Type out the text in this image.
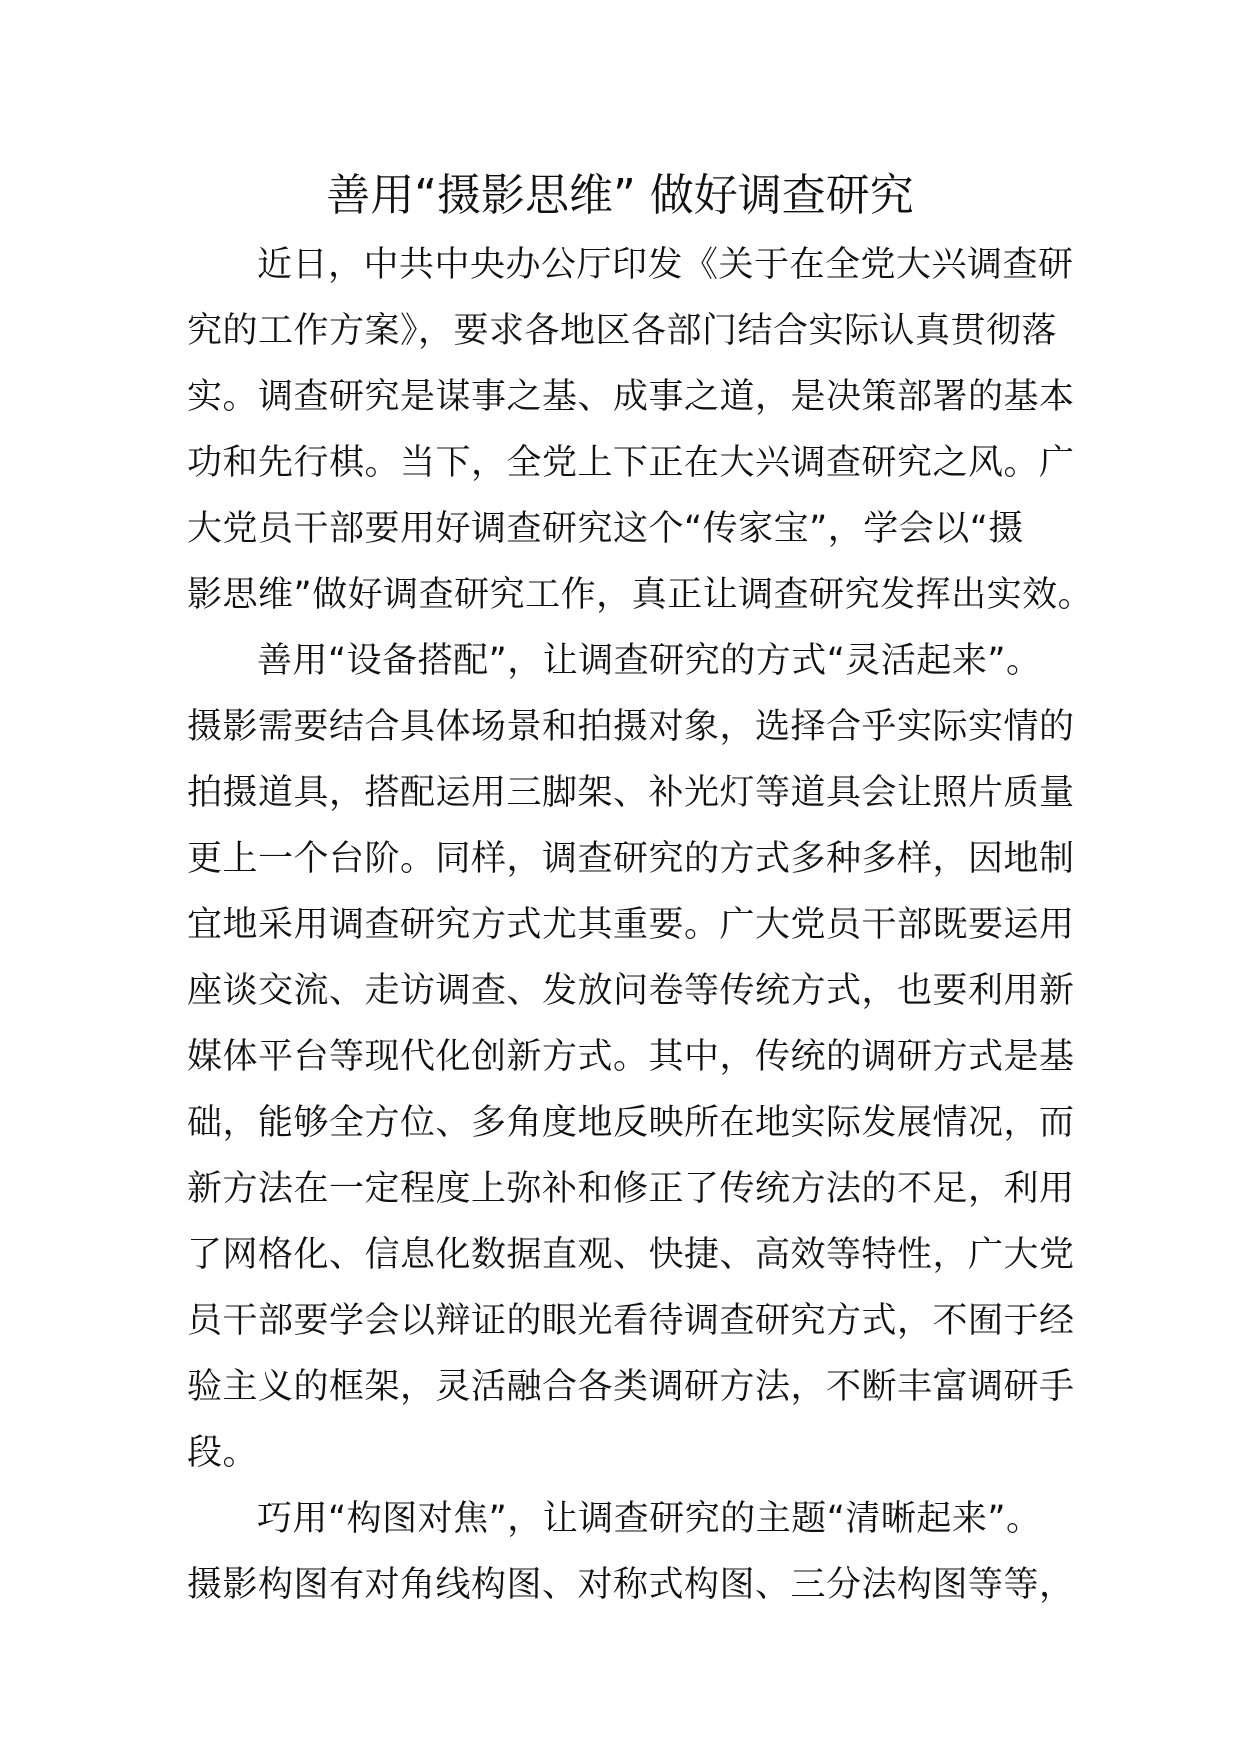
善用“摄影思维” 做好调查研究
近日，中共中央办公厅印发《关于在全党大兴调查研
究的工作方案》，要求各地区各部门结合实际认真贯彻落
实。调查研究是谋事之基、成事之道，是决策部署的基本
功和先行棋。当下，全党上下正在大兴调查研究之风。广
大党员干部要用好调查研究这个“传家宝”，学会以“摄
影思维”做好调查研究工作，真正让调查研究发挥出实效。
善用“设备搭配”，让调查研究的方式“灵活起来”。
摄影需要结合具体场景和拍摄对象，选择合乎实际实情的
拍摄道具，搭配运用三脚架、补光灯等道具会让照片质量
更上一个台阶。同样，调查研究的方式多种多样，因地制
宜地采用调查研究方式尤其重要。广大党员干部既要运用
座谈交流、走访调查、发放问卷等传统方式，也要利用新
媒体平台等现代化创新方式。其中，传统的调研方式是基
础，能够全方位、多角度地反映所在地实际发展情况，而
新方法在一定程度上弥补和修正了传统方法的不足，利用
了网格化、信息化数据直观、快捷、高效等特性，广大党
员干部要学会以辩证的眼光看待调查研究方式，不囿于经
验主义的框架，灵活融合各类调研方法，不断丰富调研手
段。
巧用“构图对焦”，让调查研究的主题“清晰起来”。
摄影构图有对角线构图、对称式构图、三分法构图等等，
